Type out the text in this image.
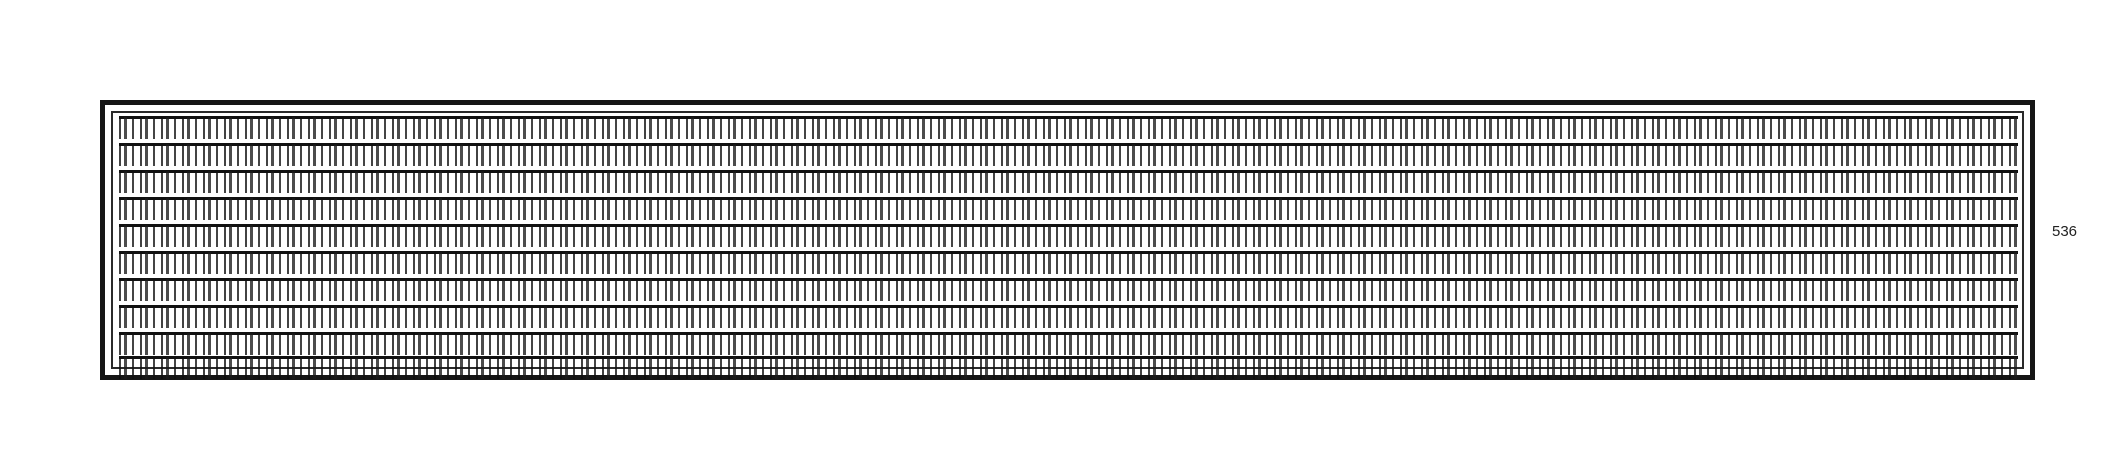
536
